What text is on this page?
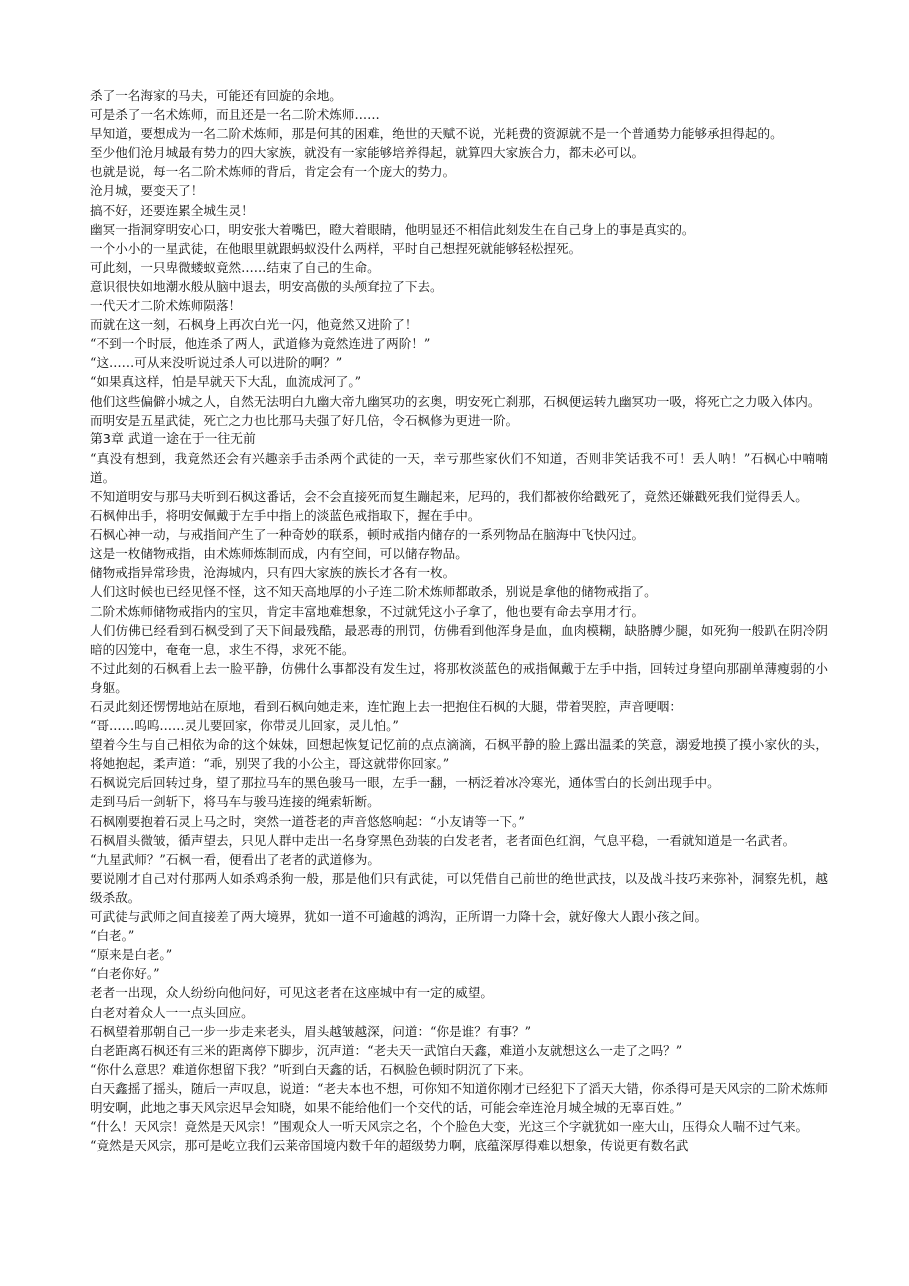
杀了一名海家的马夫，可能还有回旋的余地。

可是杀了一名术炼师，而且还是一名二阶术炼师……

早知道，要想成为一名二阶术炼师，那是何其的困难，绝世的天赋不说，光耗费的资源就不是一个普通势力能够承担得起的。

至少他们沧月城最有势力的四大家族，就没有一家能够培养得起，就算四大家族合力，都未必可以。

也就是说，每一名二阶术炼师的背后，肯定会有一个庞大的势力。

沧月城，要变天了！

搞不好，还要连累全城生灵！

幽冥一指洞穿明安心口，明安张大着嘴巴，瞪大着眼睛，他明显还不相信此刻发生在自己身上的事是真实的。

一个小小的一星武徒，在他眼里就跟蚂蚁没什么两样，平时自己想捏死就能够轻松捏死。

可此刻，一只卑微蝼蚁竟然……结束了自己的生命。

意识很快如地潮水般从脑中退去，明安高傲的头颅耷拉了下去。

一代天才二阶术炼师陨落！

而就在这一刻，石枫身上再次白光一闪，他竟然又进阶了！

“不到一个时辰，他连杀了两人，武道修为竟然连进了两阶！”

“这……可从来没听说过杀人可以进阶的啊？”

“如果真这样，怕是早就天下大乱，血流成河了。”

他们这些偏僻小城之人，自然无法明白九幽大帝九幽冥功的玄奥，明安死亡刹那，石枫便运转九幽冥功一吸，将死亡之力吸入体内。

而明安是五星武徒，死亡之力也比那马夫强了好几倍，令石枫修为更进一阶。

第3章 武道一途在于一往无前

“真没有想到，我竟然还会有兴趣亲手击杀两个武徒的一天，幸亏那些家伙们不知道，否则非笑话我不可！丢人呐！”石枫心中喃喃道。

不知道明安与那马夫听到石枫这番话，会不会直接死而复生蹦起来，尼玛的，我们都被你给戳死了，竟然还嫌戳死我们觉得丢人。

石枫伸出手，将明安佩戴于左手中指上的淡蓝色戒指取下，握在手中。

石枫心神一动，与戒指间产生了一种奇妙的联系，顿时戒指内储存的一系列物品在脑海中飞快闪过。

这是一枚储物戒指，由术炼师炼制而成，内有空间，可以储存物品。

储物戒指异常珍贵，沧海城内，只有四大家族的族长才各有一枚。

人们这时候也已经见怪不怪，这不知天高地厚的小子连二阶术炼师都敢杀，别说是拿他的储物戒指了。

二阶术炼师储物戒指内的宝贝，肯定丰富地难想象，不过就凭这小子拿了，他也要有命去享用才行。

人们仿佛已经看到石枫受到了天下间最残酷，最恶毒的刑罚，仿佛看到他浑身是血，血肉模糊，缺胳膊少腿，如死狗一般趴在阴冷阴暗的囚笼中，奄奄一息，求生不得，求死不能。

不过此刻的石枫看上去一脸平静，仿佛什么事都没有发生过，将那枚淡蓝色的戒指佩戴于左手中指，回转过身望向那副单薄瘦弱的小身躯。

石灵此刻还愣愣地站在原地，看到石枫向她走来，连忙跑上去一把抱住石枫的大腿，带着哭腔，声音哽咽：

“哥……呜呜……灵儿要回家，你带灵儿回家，灵儿怕。”

望着今生与自己相依为命的这个妹妹，回想起恢复记忆前的点点滴滴，石枫平静的脸上露出温柔的笑意，溺爱地摸了摸小家伙的头，将她抱起，柔声道：“乖，别哭了我的小公主，哥这就带你回家。”

石枫说完后回转过身，望了那拉马车的黑色骏马一眼，左手一翻，一柄泛着冰冷寒光，通体雪白的长剑出现手中。

走到马后一剑斩下，将马车与骏马连接的绳索斩断。

石枫刚要抱着石灵上马之时，突然一道苍老的声音悠悠响起：“小友请等一下。”

石枫眉头微皱，循声望去，只见人群中走出一名身穿黑色劲装的白发老者，老者面色红润，气息平稳，一看就知道是一名武者。

“九星武师？”石枫一看，便看出了老者的武道修为。

要说刚才自己对付那两人如杀鸡杀狗一般，那是他们只有武徒，可以凭借自己前世的绝世武技，以及战斗技巧来弥补，洞察先机，越级杀敌。

可武徒与武师之间直接差了两大境界，犹如一道不可逾越的鸿沟，正所谓一力降十会，就好像大人跟小孩之间。

“白老。”

“原来是白老。”

“白老你好。”

老者一出现，众人纷纷向他问好，可见这老者在这座城中有一定的威望。

白老对着众人一一点头回应。

石枫望着那朝自己一步一步走来老头，眉头越皱越深，问道：“你是谁？有事？”

白老距离石枫还有三米的距离停下脚步，沉声道：“老夫天一武馆白天鑫，难道小友就想这么一走了之吗？”

“你什么意思？难道你想留下我？”听到白天鑫的话，石枫脸色顿时阴沉了下来。

白天鑫摇了摇头，随后一声叹息，说道：“老夫本也不想，可你知不知道你刚才已经犯下了滔天大错，你杀得可是天风宗的二阶术炼师明安啊，此地之事天风宗迟早会知晓，如果不能给他们一个交代的话，可能会牵连沧月城全城的无辜百姓。”

“什么！天风宗！竟然是天风宗！”围观众人一听天风宗之名，个个脸色大变，光这三个字就犹如一座大山，压得众人喘不过气来。

“竟然是天风宗，那可是屹立我们云莱帝国境内数千年的超级势力啊，底蕴深厚得难以想象，传说更有数名武
